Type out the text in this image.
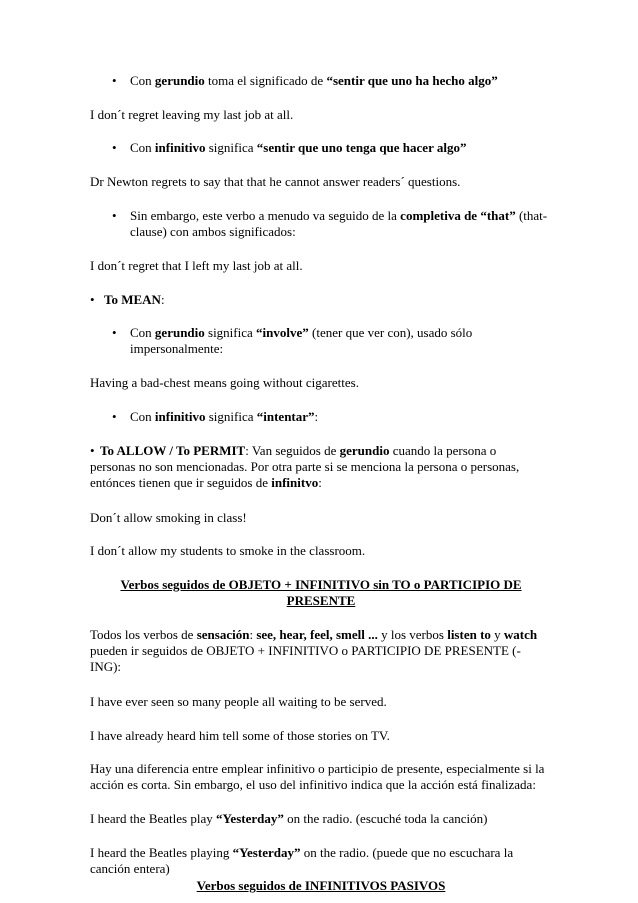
• Con gerundio toma el significado de “sentir que uno ha hecho algo”

I don´t regret leaving my last job at all.

• Con infinitivo significa “sentir que uno tenga que hacer algo”

Dr Newton regrets to say that that he cannot answer readers´ questions.

• Sin embargo, este verbo a menudo va seguido de la completiva de “that” (that-
clause) con ambos significados:

I don´t regret that I left my last job at all.

• To MEAN:
• Con gerundio significa “involve” (tener que ver con), usado sólo
impersonalmente:

Having a bad-chest means going without cigarettes.

• Con infinitivo significa “intentar”:
• To ALLOW / To PERMIT: Van seguidos de gerundio cuando la persona o
personas no son mencionadas. Por otra parte si se menciona la persona o personas,
entónces tienen que ir seguidos de infinitvo:

Don´t allow smoking in class!

I don´t allow my students to smoke in the classroom.

Verbos seguidos de OBJETO + INFINITIVO sin TO o PARTICIPIO DE
PRESENTE
Todos los verbos de sensación: see, hear, feel, smell ... y los verbos listen to y watch
pueden ir seguidos de OBJETO + INFINITIVO o PARTICIPIO DE PRESENTE (-
ING):

I have ever seen so many people all waiting to be served.

I have already heard him tell some of those stories on TV.

Hay una diferencia entre emplear infinitivo o participio de presente, especialmente si la
acción es corta. Sin embargo, el uso del infinitivo indica que la acción está finalizada:

I heard the Beatles play “Yesterday” on the radio. (escuché toda la canción)

I heard the Beatles playing “Yesterday” on the radio. (puede que no escuchara la
canción entera)
Verbos seguidos de INFINITIVOS PASIVOS
